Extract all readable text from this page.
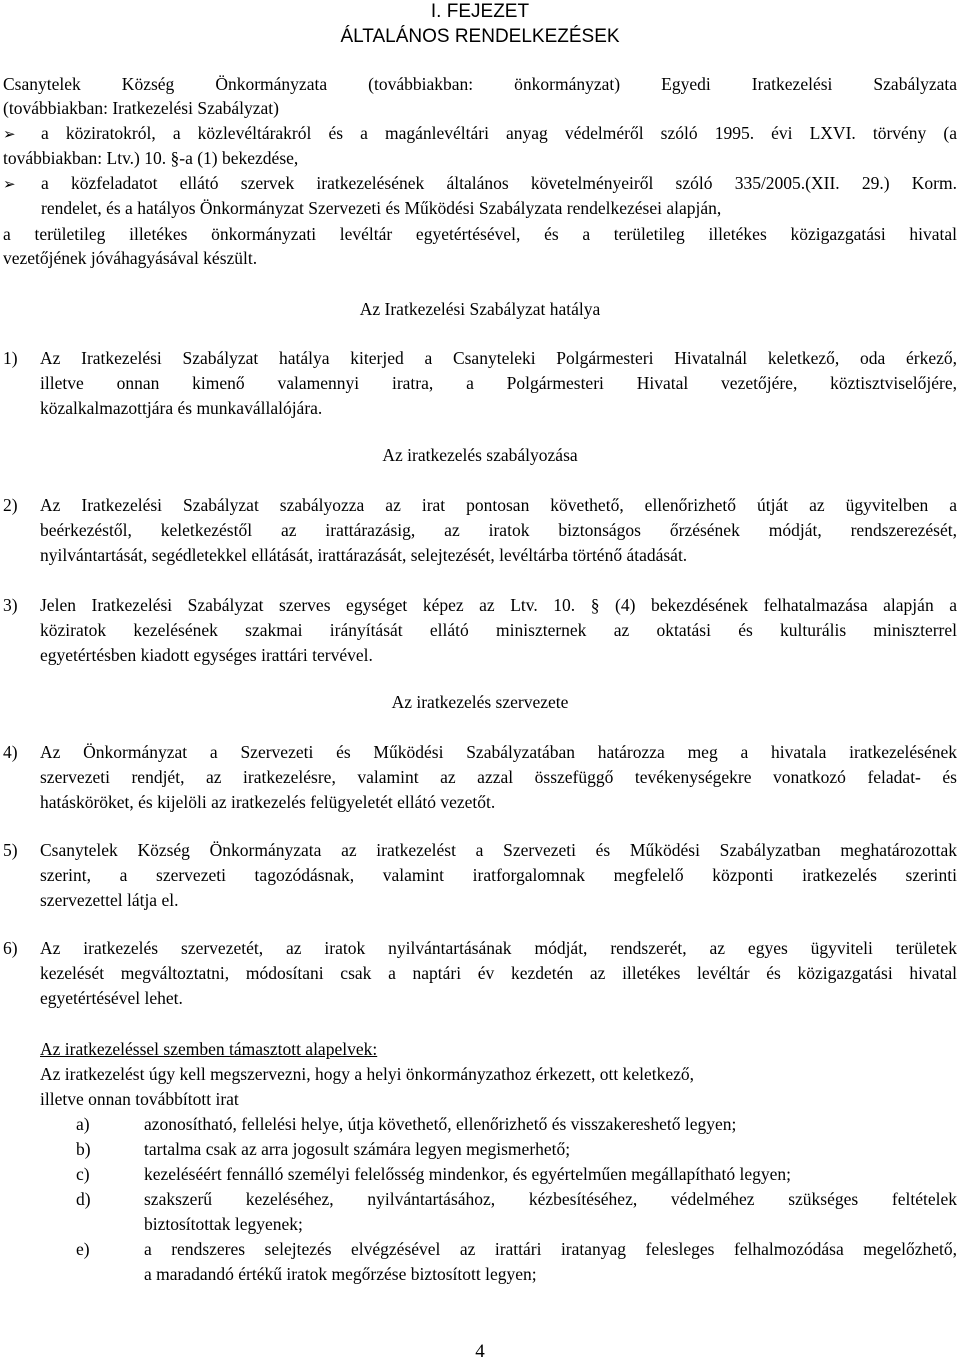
I. FEJEZET
ÁLTALÁNOS RENDELKEZÉSEK
Csanytelek Község Önkormányzata (továbbiakban: önkormányzat) Egyedi Iratkezelési Szabályzata
(továbbiakban: Iratkezelési Szabályzat)
➢	a köziratokról, a közlevéltárakról és a magánlevéltári anyag védelméről szóló 1995. évi LXVI. törvény (a
továbbiakban: Ltv.) 10. §-a (1) bekezdése,
➢	a közfeladatot ellátó szervek iratkezelésének általános követelményeiről szóló 335/2005.(XII. 29.) Korm.
rendelet, és a hatályos Önkormányzat Szervezeti és Működési Szabályzata rendelkezései alapján,
a területileg illetékes önkormányzati levéltár egyetértésével, és a területileg illetékes közigazgatási hivatal
vezetőjének jóváhagyásával készült.
Az Iratkezelési Szabályzat hatálya
1) Az Iratkezelési Szabályzat hatálya kiterjed a Csanyteleki Polgármesteri Hivatalnál keletkező, oda érkező,
illetve onnan kimenő valamennyi iratra, a Polgármesteri Hivatal vezetőjére, köztisztviselőjére,
közalkalmazottjára és munkavállalójára.
Az iratkezelés szabályozása
2) Az Iratkezelési Szabályzat szabályozza az irat pontosan követhető, ellenőrizhető útját az ügyvitelben a
beérkezéstől, keletkezéstől az irattárazásig, az iratok biztonságos őrzésének módját, rendszerezését,
nyilvántartását, segédletekkel ellátását, irattárazását, selejtezését, levéltárba történő átadását.
3) Jelen Iratkezelési Szabályzat szerves egységet képez az Ltv. 10. § (4) bekezdésének felhatalmazása alapján a
köziratok kezelésének szakmai irányítását ellátó miniszternek az oktatási és kulturális miniszterrel
egyetértésben kiadott egységes irattári tervével.
Az iratkezelés szervezete
4) Az Önkormányzat a Szervezeti és Működési Szabályzatában határozza meg a hivatala iratkezelésének
szervezeti rendjét, az iratkezelésre, valamint az azzal összefüggő tevékenységekre vonatkozó feladat- és
hatásköröket, és kijelöli az iratkezelés felügyeletét ellátó vezetőt.
5) Csanytelek Község Önkormányzata az iratkezelést a Szervezeti és Működési Szabályzatban meghatározottak
szerint, a szervezeti tagozódásnak, valamint iratforgalomnak megfelelő központi iratkezelés szerinti
szervezettel látja el.
6) Az iratkezelés szervezetét, az iratok nyilvántartásának módját, rendszerét, az egyes ügyviteli területek
kezelését megváltoztatni, módosítani csak a naptári év kezdetén az illetékes levéltár és közigazgatási hivatal
egyetértésével lehet.
Az iratkezeléssel szemben támasztott alapelvek:
Az iratkezelést úgy kell megszervezni, hogy a helyi önkormányzathoz érkezett, ott keletkező,
illetve onnan továbbított irat
a)	azonosítható, fellelési helye, útja követhető, ellenőrizhető és visszakereshető legyen;
b)	tartalma csak az arra jogosult számára legyen megismerhető;
c)	kezeléséért fennálló személyi felelősség mindenkor, és egyértelműen megállapítható legyen;
d)	szakszerű kezeléséhez, nyilvántartásához, kézbesítéséhez, védelméhez szükséges feltételek
biztosítottak legyenek;
e)	a rendszeres selejtezés elvégzésével az irattári iratanyag felesleges felhalmozódása megelőzhető,
a maradandó értékű iratok megőrzése biztosított legyen;
4
